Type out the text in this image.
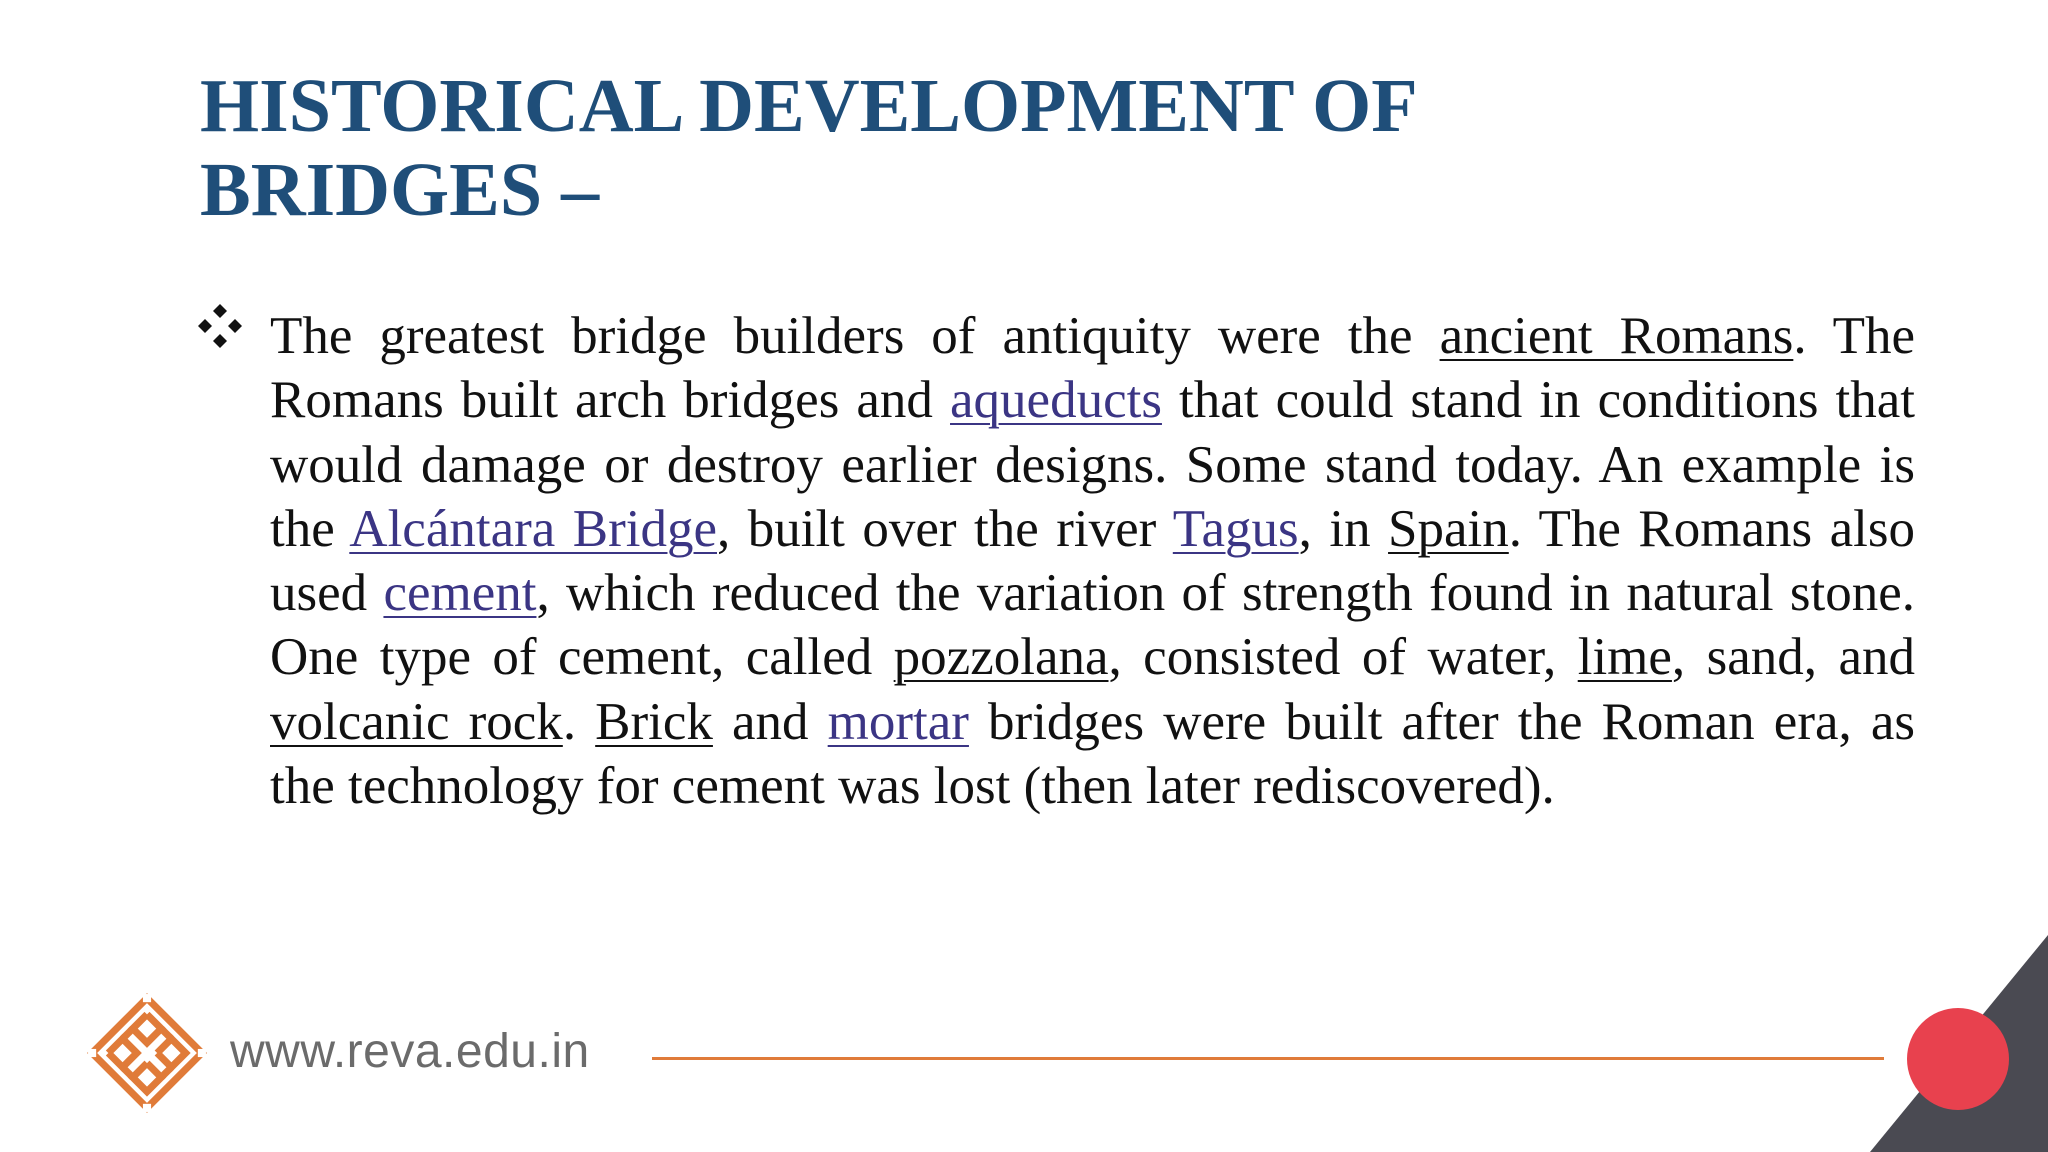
HISTORICAL DEVELOPMENT OF
BRIDGES –

The greatest bridge builders of antiquity were the ancient Romans. The Romans built arch bridges and aqueducts that could stand in conditions that would damage or destroy earlier designs. Some stand today. An example is the Alcántara Bridge, built over the river Tagus, in Spain. The Romans also used cement, which reduced the variation of strength found in natural stone. One type of cement, called pozzolana, consisted of water, lime, sand, and volcanic rock. Brick and mortar bridges were built after the Roman era, as the technology for cement was lost (then later rediscovered).

www.reva.edu.in
